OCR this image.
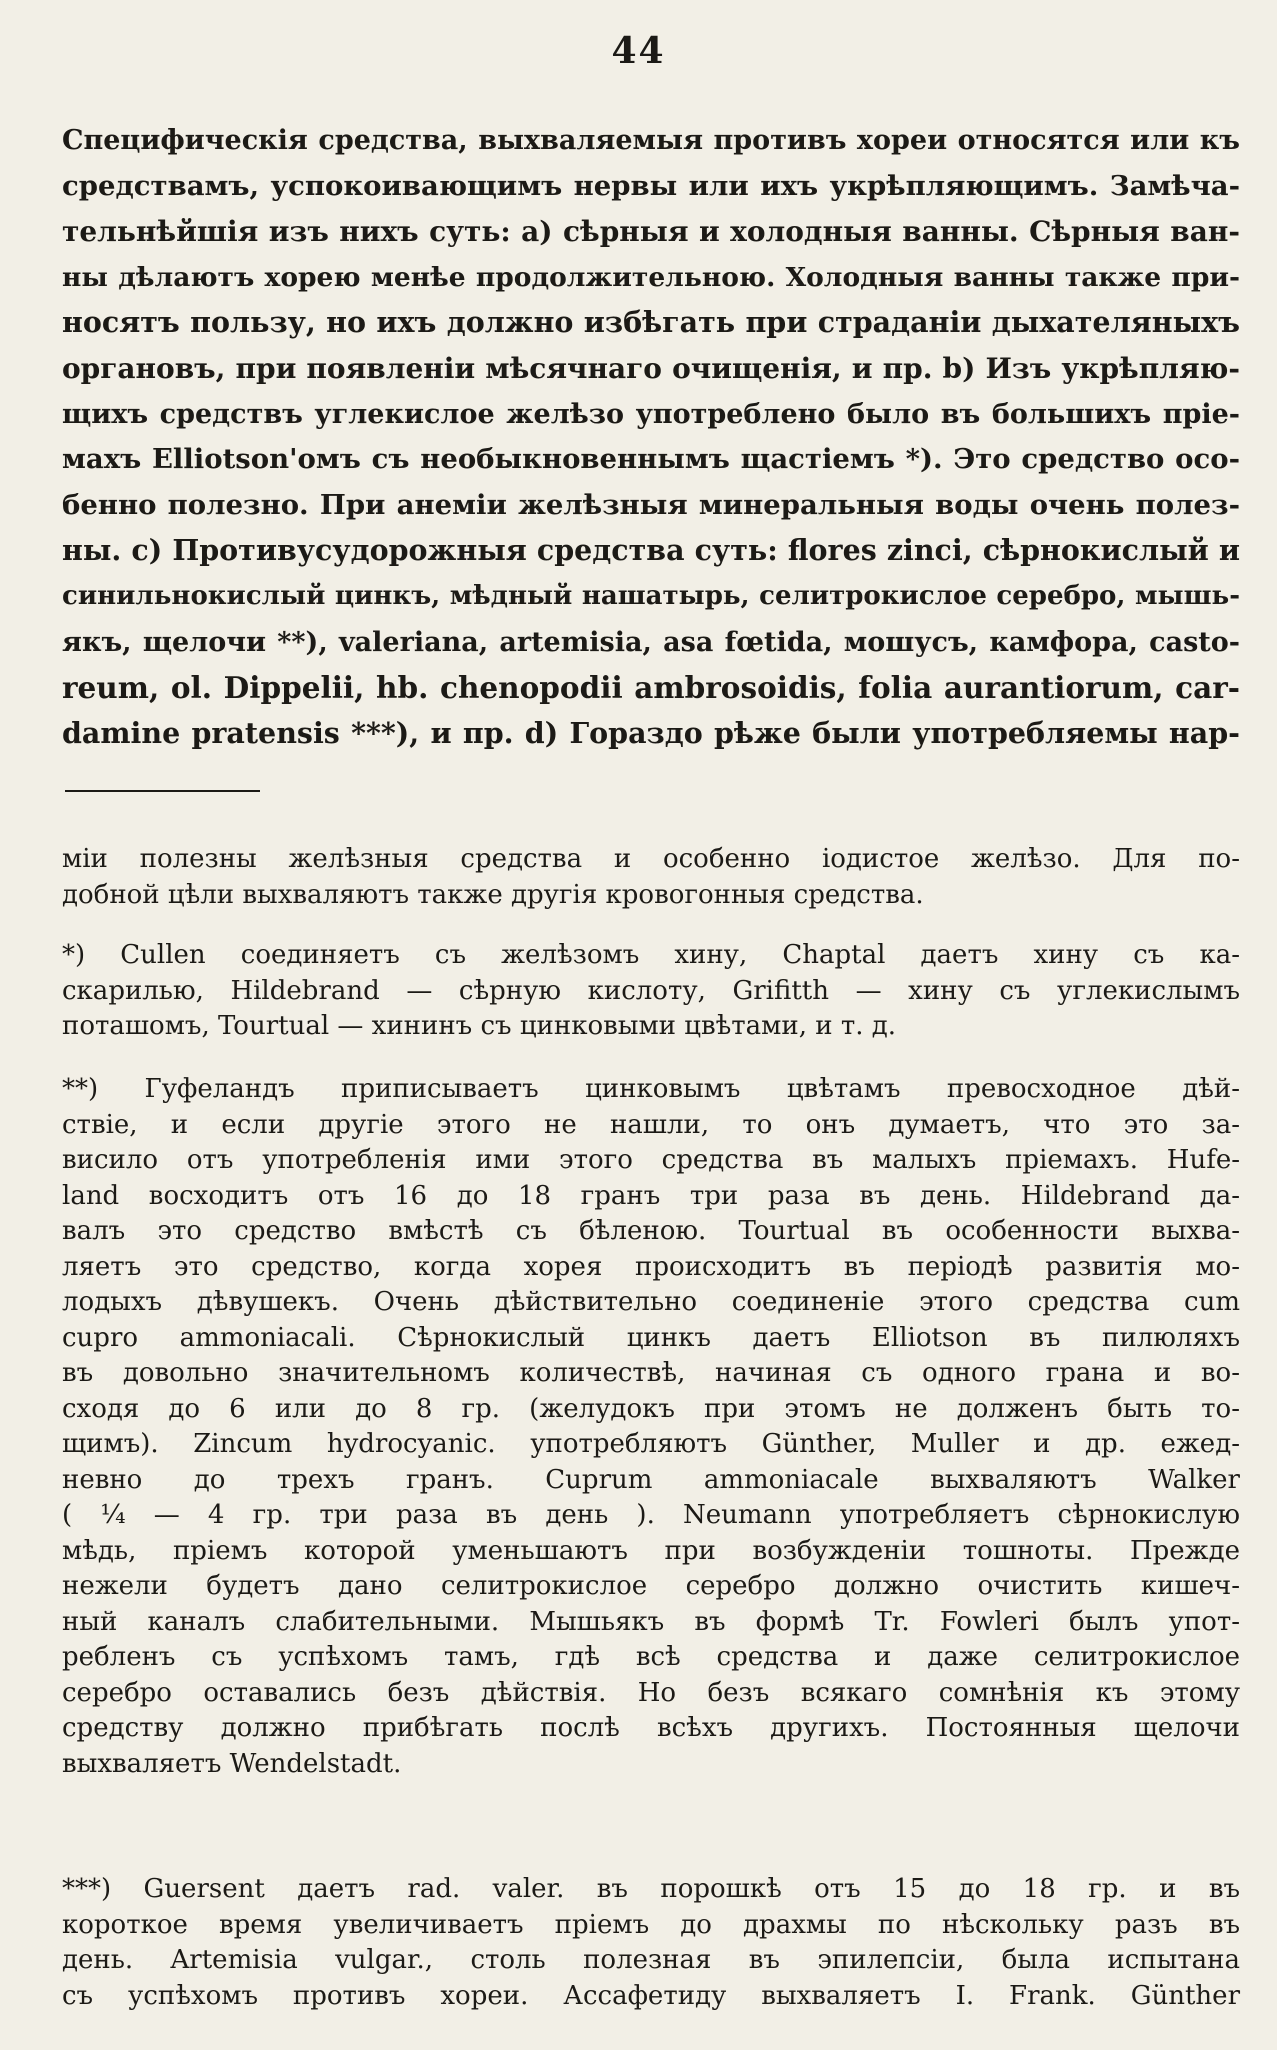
44
Специфическія средства, выхваляемыя противъ хореи относятся или къ
средствамъ, успокоивающимъ нервы или ихъ укрѣпляющимъ. Замѣча-
тельнѣйшія изъ нихъ суть: а) сѣрныя и холодныя ванны. Сѣрныя ван-
ны дѣлаютъ хорею менѣе продолжительною. Холодныя ванны также при-
носятъ пользу, но ихъ должно избѣгать при страданіи дыхателяныхъ
органовъ, при появленіи мѣсячнаго очищенія, и пр. b) Изъ укрѣпляю-
щихъ средствъ углекислое желѣзо употреблено было въ большихъ пріе-
махъ Elliotson'омъ съ необыкновеннымъ щастіемъ *). Это средство осо-
бенно полезно. При анеміи желѣзныя минеральныя воды очень полез-
ны. с) Противусудорожныя средства суть: flores zinci, сѣрнокислый и
синильнокислый цинкъ, мѣдный нашатырь, селитрокислое серебро, мышь-
якъ, щелочи **), valeriana, artemisia, asa fœtida, мошусъ, камфора, casto-
reum, ol. Dippelii, hb. chenopodii ambrosoidis, folia aurantiorum, car-
damine pratensis ***), и пр. d) Гораздо рѣже были употребляемы нар-
міи полезны желѣзныя средства и особенно іодистое желѣзо. Для по-
добной цѣли выхваляютъ также другія кровогонныя средства.
*) Cullen соединяетъ съ желѣзомъ хину, Chaptal даетъ хину съ ка-
скарилью, Hildebrand — сѣрную кислоту, Grifitth — хину съ углекислымъ
поташомъ, Tourtual — хининъ съ цинковыми цвѣтами, и т. д.
**) Гуфеландъ приписываетъ цинковымъ цвѣтамъ превосходное дѣй-
ствіе, и если другіе этого не нашли, то онъ думаетъ, что это за-
висило отъ употребленія ими этого средства въ малыхъ пріемахъ. Hufe-
land восходитъ отъ 16 до 18 гранъ три раза въ день. Hildebrand да-
валъ это средство вмѣстѣ съ бѣленою. Tourtual въ особенности выхва-
ляетъ это средство, когда хорея происходитъ въ періодѣ развитія мо-
лодыхъ дѣвушекъ. Очень дѣйствительно соединеніе этого средства cum
cupro ammoniacali. Сѣрнокислый цинкъ даетъ Elliotson въ пилюляхъ
въ довольно значительномъ количествѣ, начиная съ одного грана и во-
сходя до 6 или до 8 гр. (желудокъ при этомъ не долженъ быть то-
щимъ). Zincum hydrocyanic. употребляютъ Günther, Muller и др. ежед-
невно до трехъ гранъ. Cuprum ammoniacale выхваляютъ Walker
( ¼ — 4 гр. три раза въ день ). Neumann употребляетъ сѣрнокислую
мѣдь, пріемъ которой уменьшаютъ при возбужденіи тошноты. Прежде
нежели будетъ дано селитрокислое серебро должно очистить кишеч-
ный каналъ слабительными. Мышьякъ въ формѣ Tr. Fowleri былъ упот-
ребленъ съ успѣхомъ тамъ, гдѣ всѣ средства и даже селитрокислое
серебро оставались безъ дѣйствія. Но безъ всякаго сомнѣнія къ этому
средству должно прибѣгать послѣ всѣхъ другихъ. Постоянныя щелочи
выхваляетъ Wendelstadt.
***) Guersent даетъ rad. valer. въ порошкѣ отъ 15 до 18 гр. и въ
короткое время увеличиваетъ пріемъ до драхмы по нѣскольку разъ въ
день. Artemisia vulgar., столь полезная въ эпилепсіи, была испытана
съ успѣхомъ противъ хореи. Ассафетиду выхваляетъ I. Frank. Günther
